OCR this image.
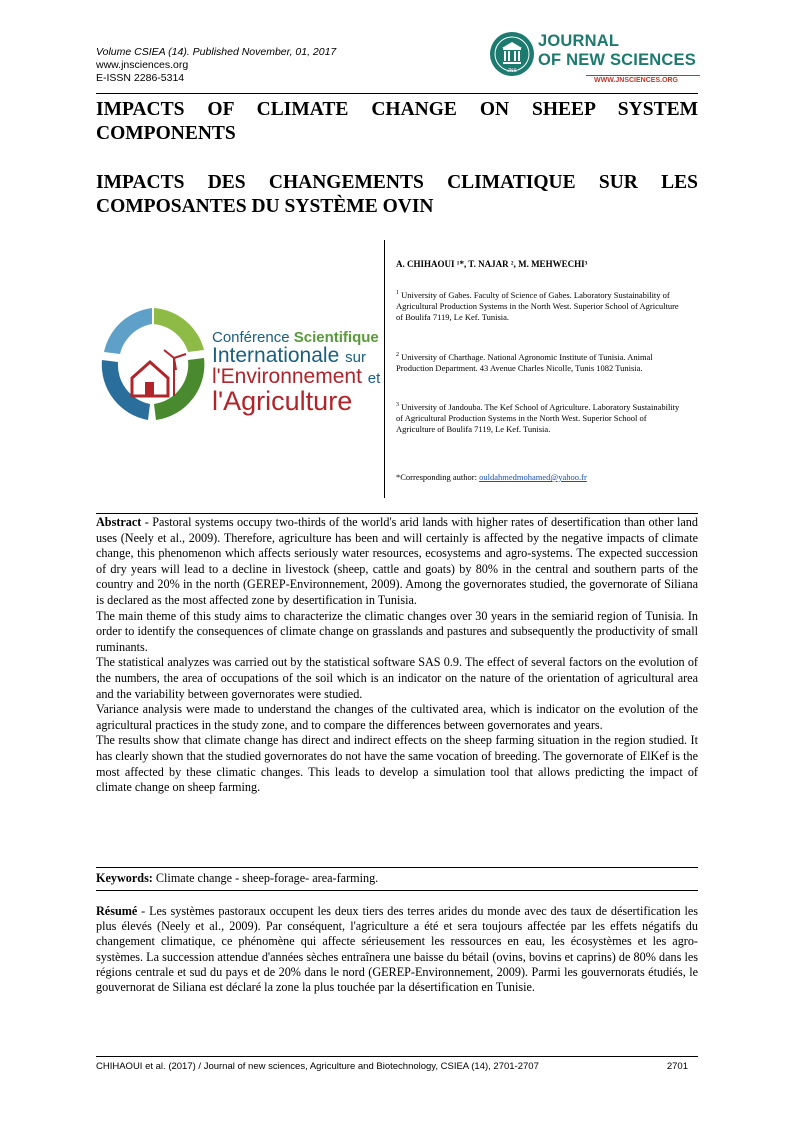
Volume CSIEA (14). Published November, 01, 2017
www.jnsciences.org
E-ISSN 2286-5314
JNS
JOURNAL
OF NEW SCIENCES
WWW.JNSCIENCES.ORG
IMPACTS OF CLIMATE CHANGE ON SHEEP SYSTEM COMPONENTS
IMPACTS DES CHANGEMENTS CLIMATIQUE SUR LES COMPOSANTES DU SYSTÈME OVIN
Conférence Scientifique
Internationale sur
l'Environnement et
l'Agriculture
A. CHIHAOUI ¹*, T. NAJAR ², M. MEHWECHI³
$^1$ University of Gabes. Faculty of Science of Gabes. Laboratory Sustainability of Agricultural Production Systems in the North West. Superior School of Agriculture of Boulifa 7119, Le Kef. Tunisia.
$^2$ University of Charthage. National Agronomic Institute of Tunisia. Animal Production Department. 43 Avenue Charles Nicolle, Tunis 1082 Tunisia.
$^3$ University of Jandouba. The Kef School of Agriculture. Laboratory Sustainability of Agricultural Production Systems in the North West. Superior School of Agriculture of Boulifa 7119, Le Kef. Tunisia.
*Corresponding author: ouldahmedmohamed@yahoo.fr

Abstract - Pastoral systems occupy two-thirds of the world's arid lands with higher rates of desertification than other land uses (Neely et al., 2009). Therefore, agriculture has been and will certainly is affected by the negative impacts of climate change, this phenomenon which affects seriously water resources, ecosystems and agro-systems. The expected succession of dry years will lead to a decline in livestock (sheep, cattle and goats) by 80% in the central and southern parts of the country and 20% in the north (GEREP-Environnement, 2009). Among the governorates studied, the governorate of Siliana is declared as the most affected zone by desertification in Tunisia.

The main theme of this study aims to characterize the climatic changes over 30 years in the semiarid region of Tunisia. In order to identify the consequences of climate change on grasslands and pastures and subsequently the productivity of small ruminants.

The statistical analyzes was carried out by the statistical software SAS 0.9. The effect of several factors on the evolution of the numbers, the area of occupations of the soil which is an indicator on the nature of the orientation of agricultural area and the variability between governorates were studied.

Variance analysis were made to understand the changes of the cultivated area, which is indicator on the evolution of the agricultural practices in the study zone, and to compare the differences between governorates and years.

The results show that climate change has direct and indirect effects on the sheep farming situation in the region studied. It has clearly shown that the studied governorates do not have the same vocation of breeding. The governorate of ElKef is the most affected by these climatic changes. This leads to develop a simulation tool that allows predicting the impact of climate change on sheep farming.

Keywords: Climate change - sheep-forage- area-farming.
Résumé - Les systèmes pastoraux occupent les deux tiers des terres arides du monde avec des taux de désertification les plus élevés (Neely et al., 2009). Par conséquent, l'agriculture a été et sera toujours affectée par les effets négatifs du changement climatique, ce phénomène qui affecte sérieusement les ressources en eau, les écosystèmes et les agro-systèmes. La succession attendue d'années sèches entraînera une baisse du bétail (ovins, bovins et caprins) de 80% dans les régions centrale et sud du pays et de 20% dans le nord (GEREP-Environnement, 2009). Parmi les gouvernorats étudiés, le gouvernorat de Siliana est déclaré la zone la plus touchée par la désertification en Tunisie.
CHIHAOUI et al. (2017) / Journal of new sciences, Agriculture and Biotechnology, CSIEA (14), 2701-2707	2701
